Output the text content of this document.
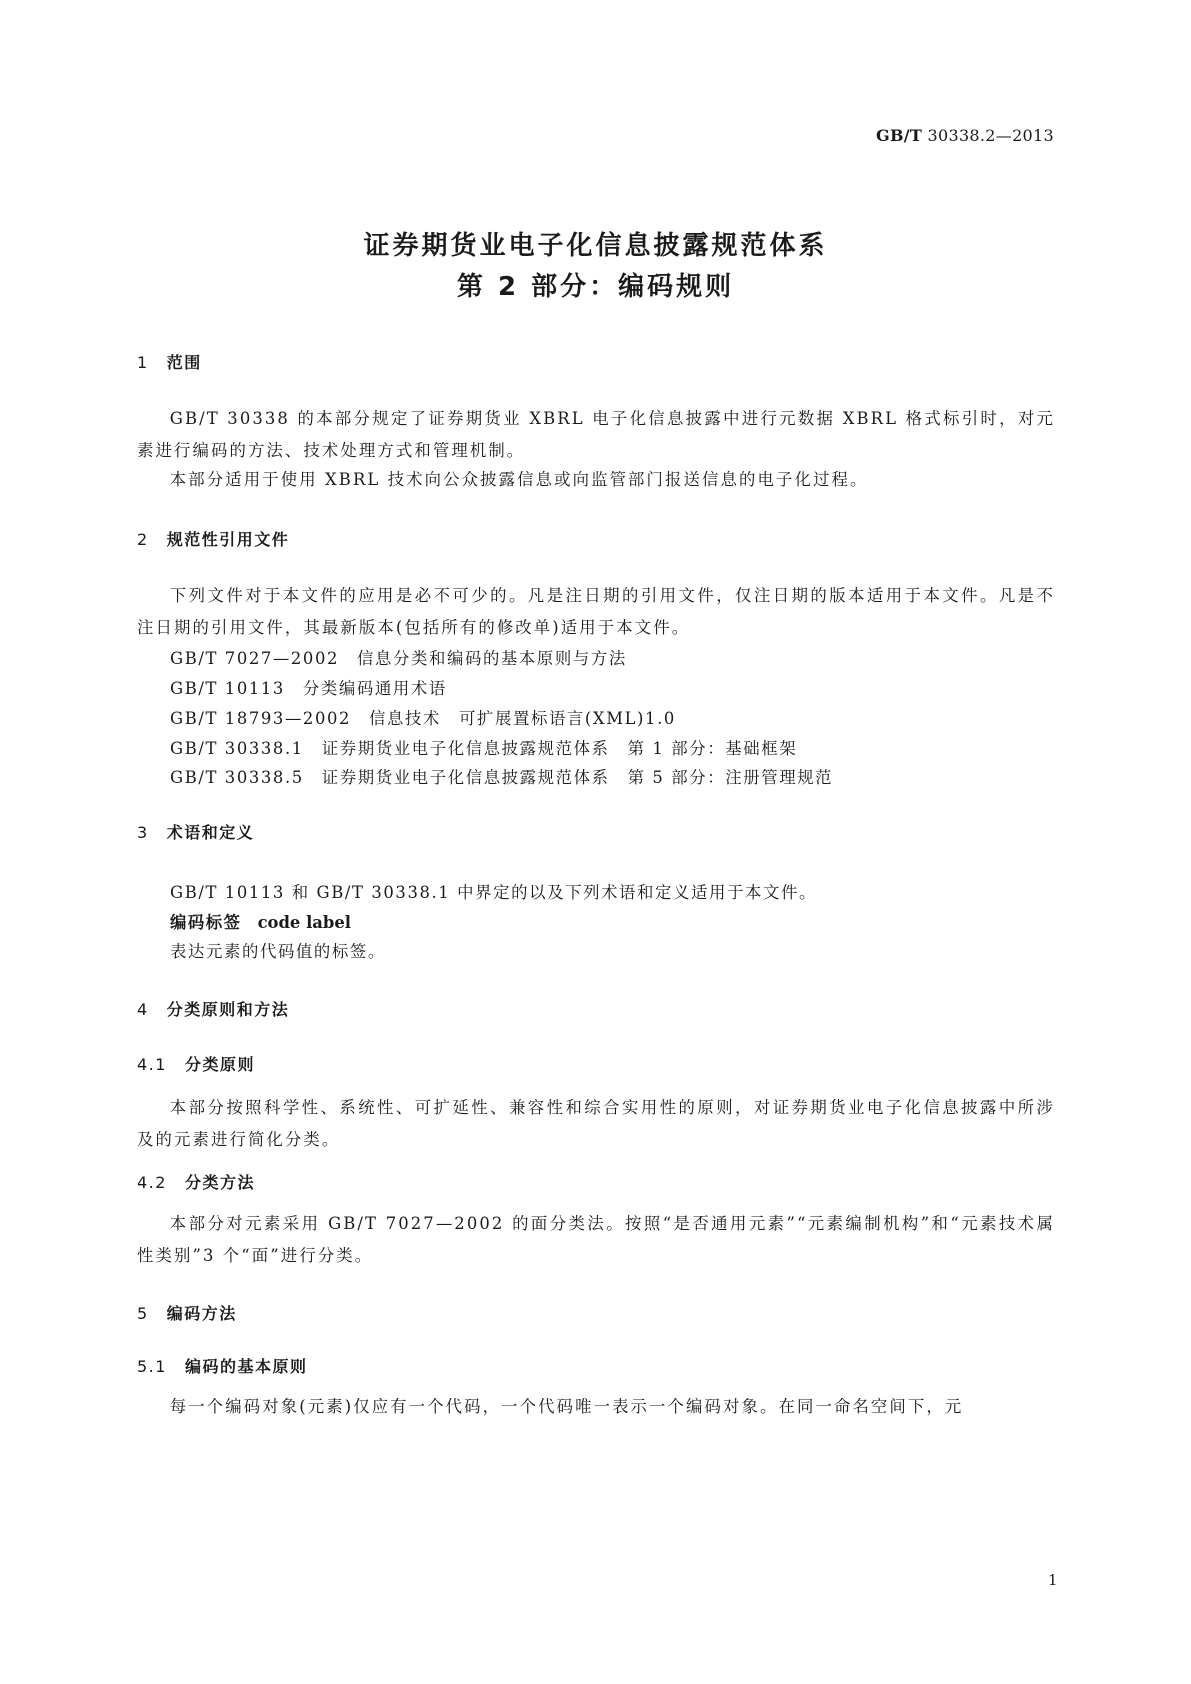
GB/T 30338.2—2013
证券期货业电子化信息披露规范体系
第 2 部分：编码规则
1 范围
GB/T 30338 的本部分规定了证券期货业 XBRL 电子化信息披露中进行元数据 XBRL 格式标引时，对元素进行编码的方法、技术处理方式和管理机制。
本部分适用于使用 XBRL 技术向公众披露信息或向监管部门报送信息的电子化过程。
2 规范性引用文件
下列文件对于本文件的应用是必不可少的。凡是注日期的引用文件，仅注日期的版本适用于本文件。凡是不注日期的引用文件，其最新版本(包括所有的修改单)适用于本文件。
GB/T 7027—2002　信息分类和编码的基本原则与方法
GB/T 10113　分类编码通用术语
GB/T 18793—2002　信息技术　可扩展置标语言(XML)1.0
GB/T 30338.1　证券期货业电子化信息披露规范体系　第 1 部分：基础框架
GB/T 30338.5　证券期货业电子化信息披露规范体系　第 5 部分：注册管理规范
3 术语和定义
GB/T 10113 和 GB/T 30338.1 中界定的以及下列术语和定义适用于本文件。
编码标签 code label
表达元素的代码值的标签。
4 分类原则和方法
4.1 分类原则
本部分按照科学性、系统性、可扩延性、兼容性和综合实用性的原则，对证券期货业电子化信息披露中所涉及的元素进行简化分类。
4.2 分类方法
本部分对元素采用 GB/T 7027—2002 的面分类法。按照“是否通用元素”“元素编制机构”和“元素技术属性类别”3 个“面”进行分类。
5 编码方法
5.1 编码的基本原则
每一个编码对象(元素)仅应有一个代码，一个代码唯一表示一个编码对象。在同一命名空间下，元
1
